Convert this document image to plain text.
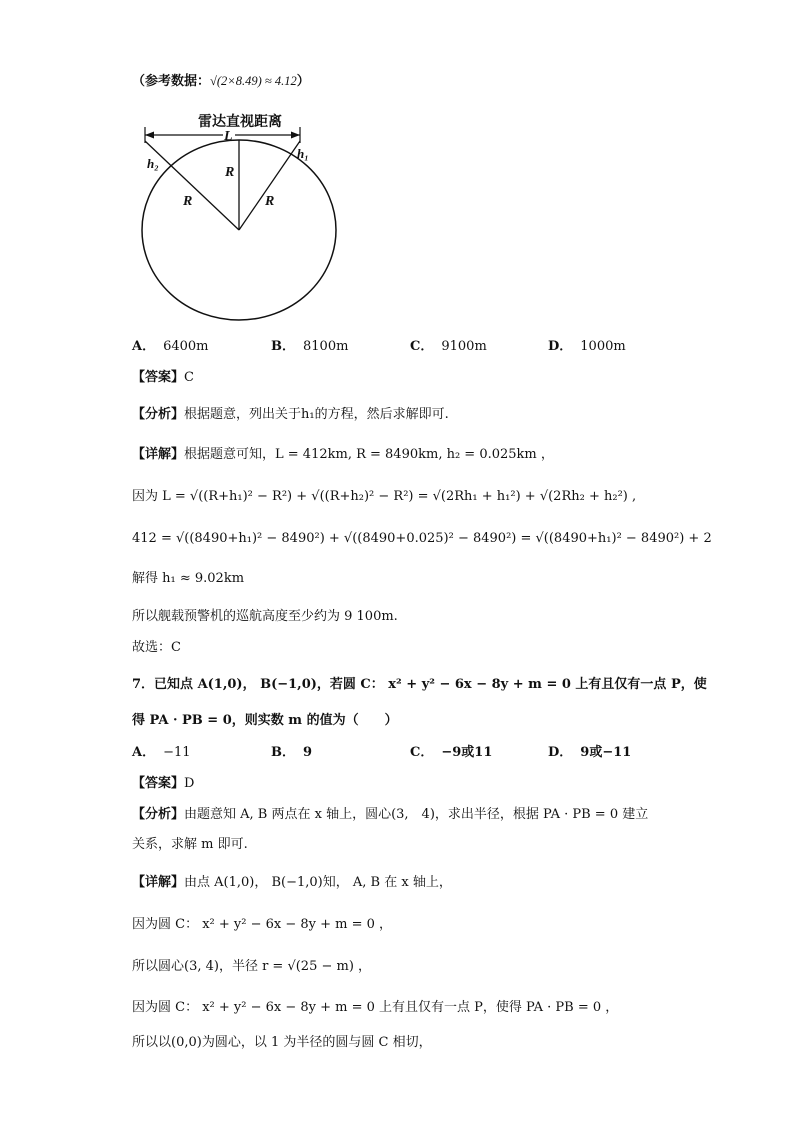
（参考数据：√(2×8.49) ≈ 4.12）
雷达直视距离
L
R
R	R
h₂
h₁
A． 6400m	B． 8100m	C． 9100m	D． 1000m
【答案】C
【分析】根据题意，列出关于h₁的方程，然后求解即可.
【详解】根据题意可知，L = 412km, R = 8490km, h₂ = 0.025km ，
因为 L = √((R+h₁)² − R²) + √((R+h₂)² − R²) = √(2Rh₁ + h₁²) + √(2Rh₂ + h₂²) ,
412 = √((8490+h₁)² − 8490²) + √((8490+0.025)² − 8490²) = √((8490+h₁)² − 8490²) + 2
解得 h₁ ≈ 9.02km
所以舰载预警机的巡航高度至少约为 9 100m.
故选：C
7．已知点 A(1,0)， B(−1,0)，若圆 C： x² + y² − 6x − 8y + m = 0 上有且仅有一点 P，使
得 PA · PB = 0，则实数 m 的值为（　　）
A． −11	B． 9	C． −9或11	D． 9或−11
【答案】D
【分析】由题意知 A, B 两点在 x 轴上，圆心(3,　4)，求出半径，根据 PA · PB = 0 建立
关系，求解 m 即可.
【详解】由点 A(1,0)， B(−1,0)知， A, B 在 x 轴上，
因为圆 C： x² + y² − 6x − 8y + m = 0 ，
所以圆心(3, 4)，半径 r = √(25 − m) ，
因为圆 C： x² + y² − 6x − 8y + m = 0 上有且仅有一点 P，使得 PA · PB = 0 ，
所以以(0,0)为圆心，以 1 为半径的圆与圆 C 相切，
